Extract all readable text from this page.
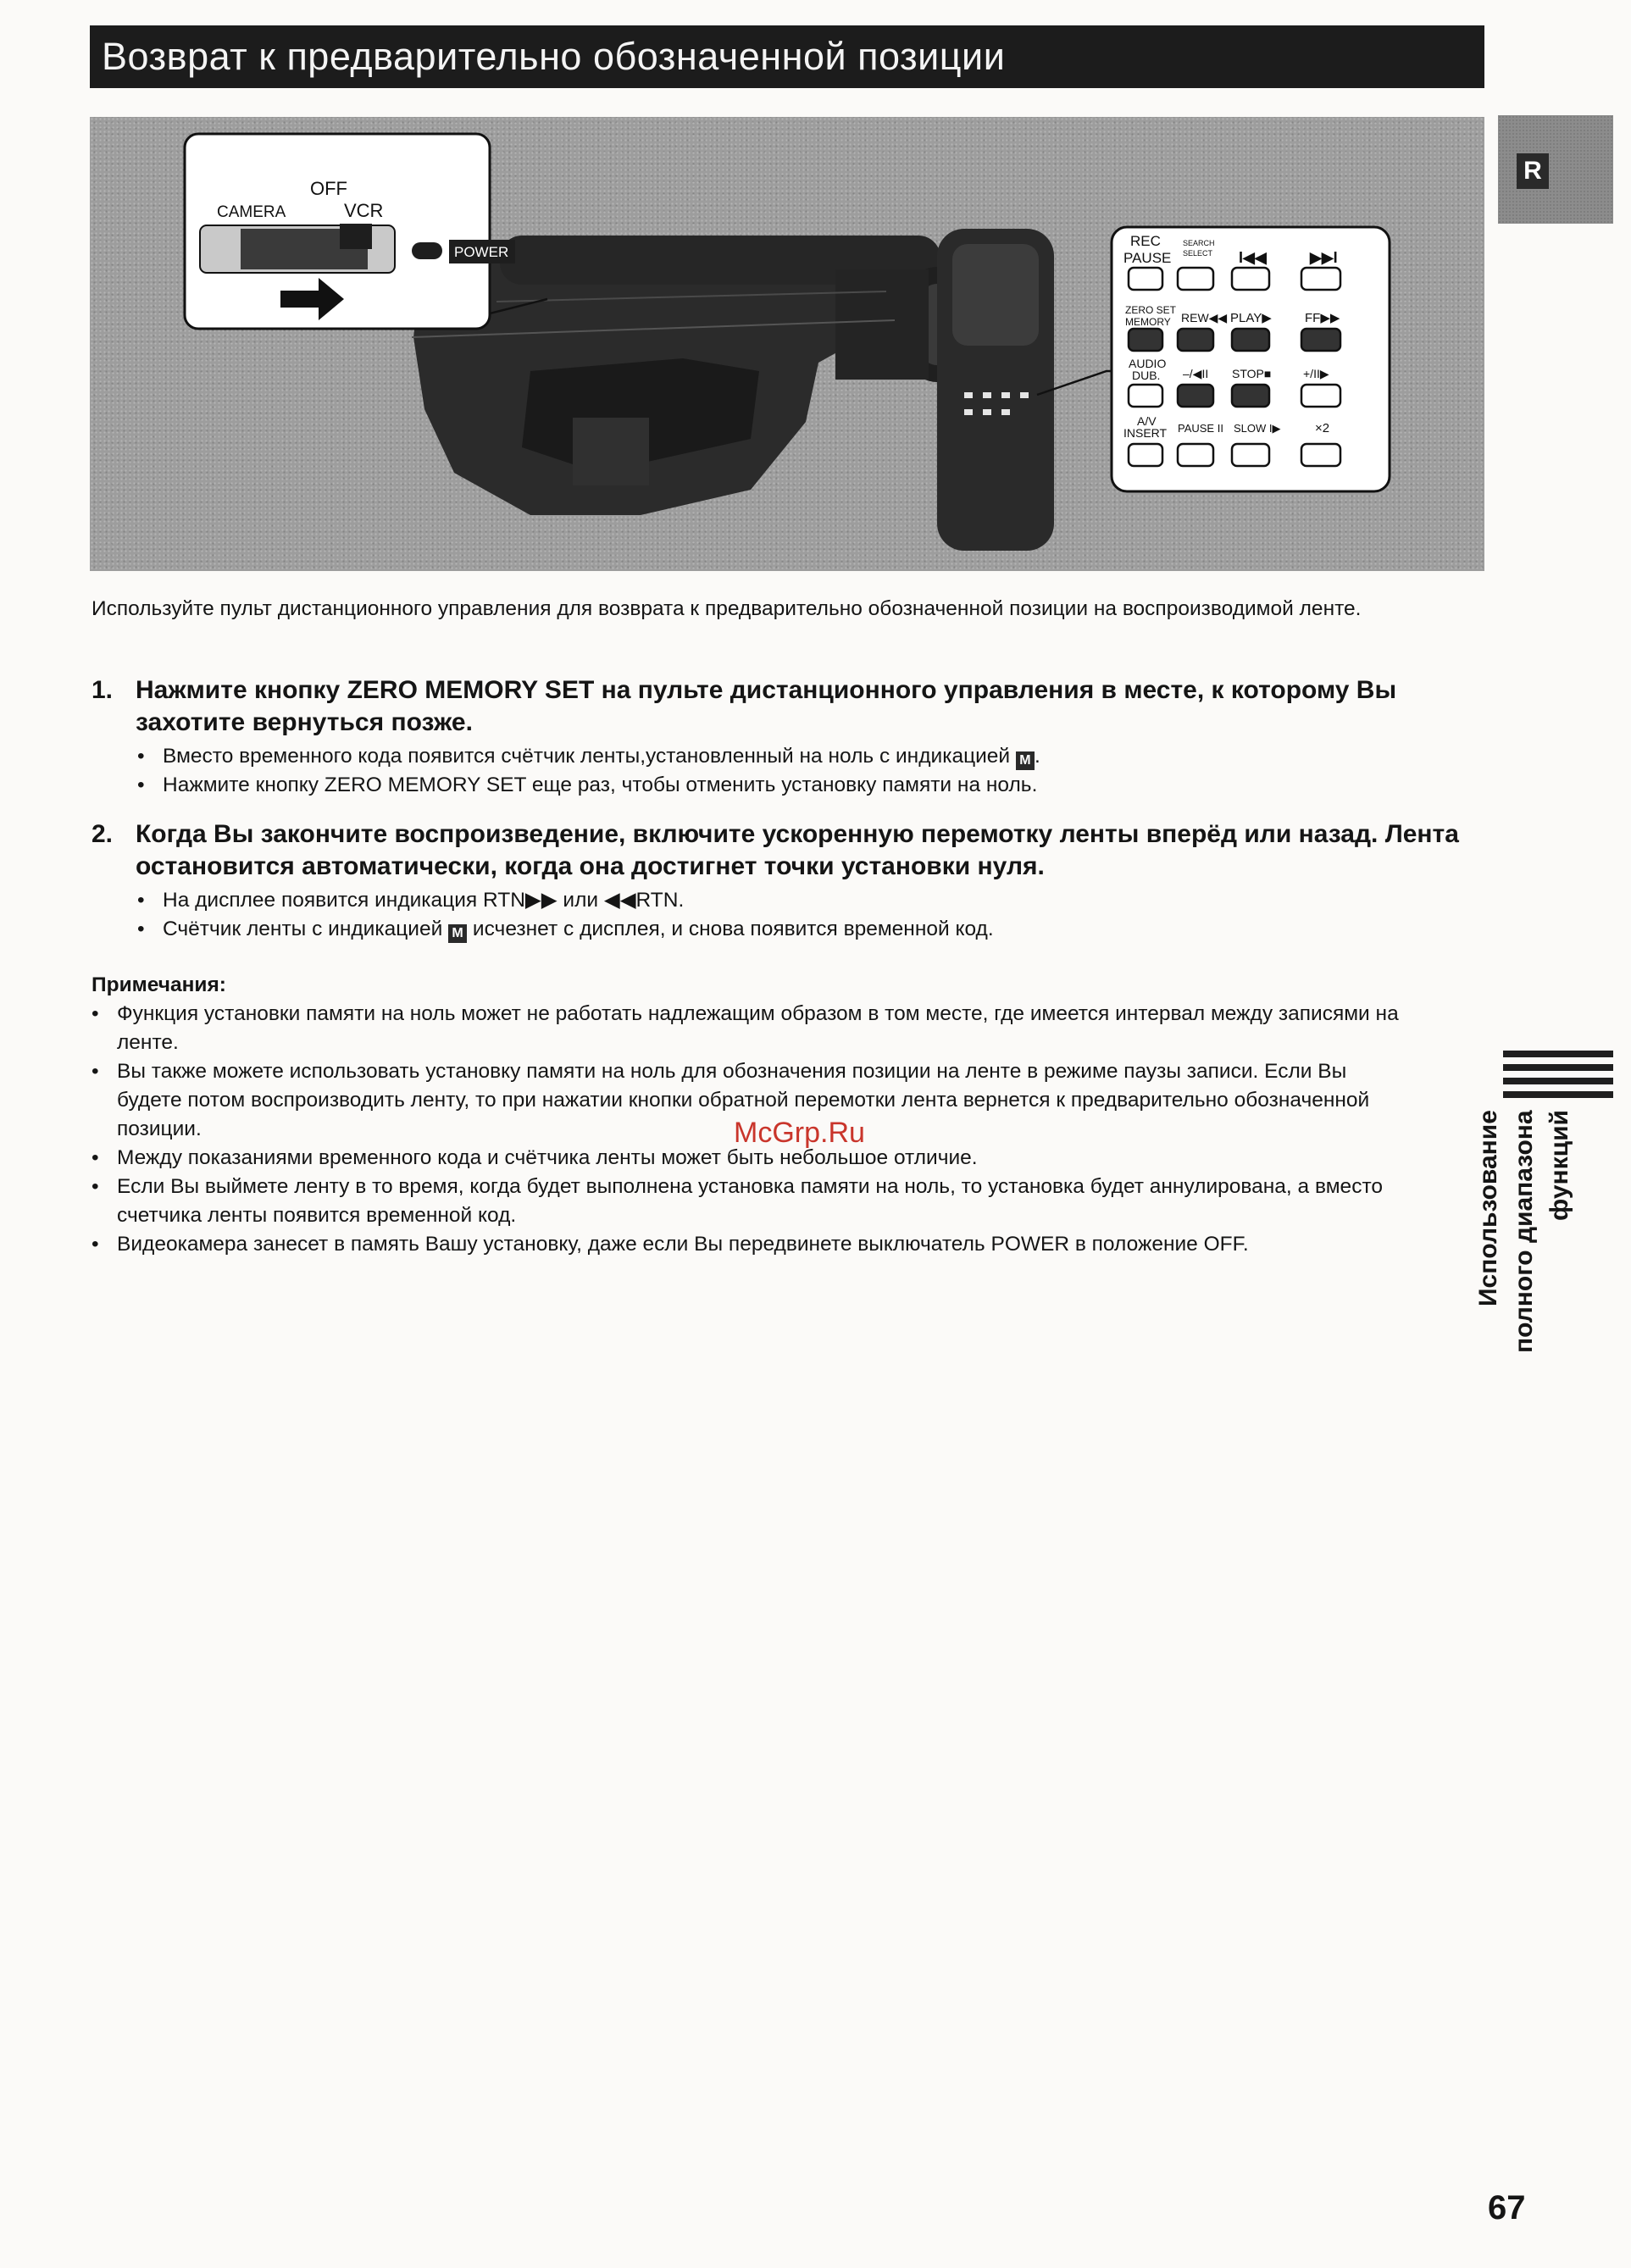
Возврат к предварительно обозначенной позиции
R
OFF
CAMERA	VCR
POWER
REC
PAUSE
SEARCH
SELECT I◀◀	▶▶I
ZERO SET
MEMORY REW◀◀ PLAY▶	FF▶▶
AUDIO
DUB. –/◀II STOP■	+/II▶
A/V
INSERT PAUSE II SLOW I▶	×2
Используйте пульт дистанционного управления для возврата к предварительно обозначенной позиции на воспроизводимой ленте.
1. Нажмите кнопку ZERO MEMORY SET на пульте дистанционного управления в месте, к которому Вы захотите вернуться позже.
• Вместо временного кода появится счётчик ленты,установленный на ноль с индикацией M .
• Нажмите кнопку ZERO MEMORY SET еще раз, чтобы отменить установку памяти на ноль.
2. Когда Вы закончите воспроизведение, включите ускоренную перемотку ленты вперёд или назад. Лента остановится автоматически, когда она достигнет точки установки нуля.
• На дисплее появится индикация RTN▶▶ или ◀◀RTN.
• Счётчик ленты с индикацией M исчезнет с дисплея, и снова появится временной код.
Примечания:
• Функция установки памяти на ноль может не работать надлежащим образом в том месте, где имеется интервал между записями на ленте.
• Вы также можете использовать установку памяти на ноль для обозначения позиции на ленте в режиме паузы записи. Если Вы будете потом воспроизводить ленту, то при нажатии кнопки обратной перемотки лента вернется к предварительно обозначенной позиции.
• Между показаниями временного кода и счётчика ленты может быть небольшое отличие.
• Если Вы выймете ленту в то время, когда будет выполнена установка памяти на ноль, то установка будет аннулирована, а вместо счетчика ленты появится временной код.
• Видеокамера занесет в память Вашу установку, даже если Вы передвинете выключатель POWER в положение OFF.	Использование полного диапазона функций
McGrp.Ru
67
